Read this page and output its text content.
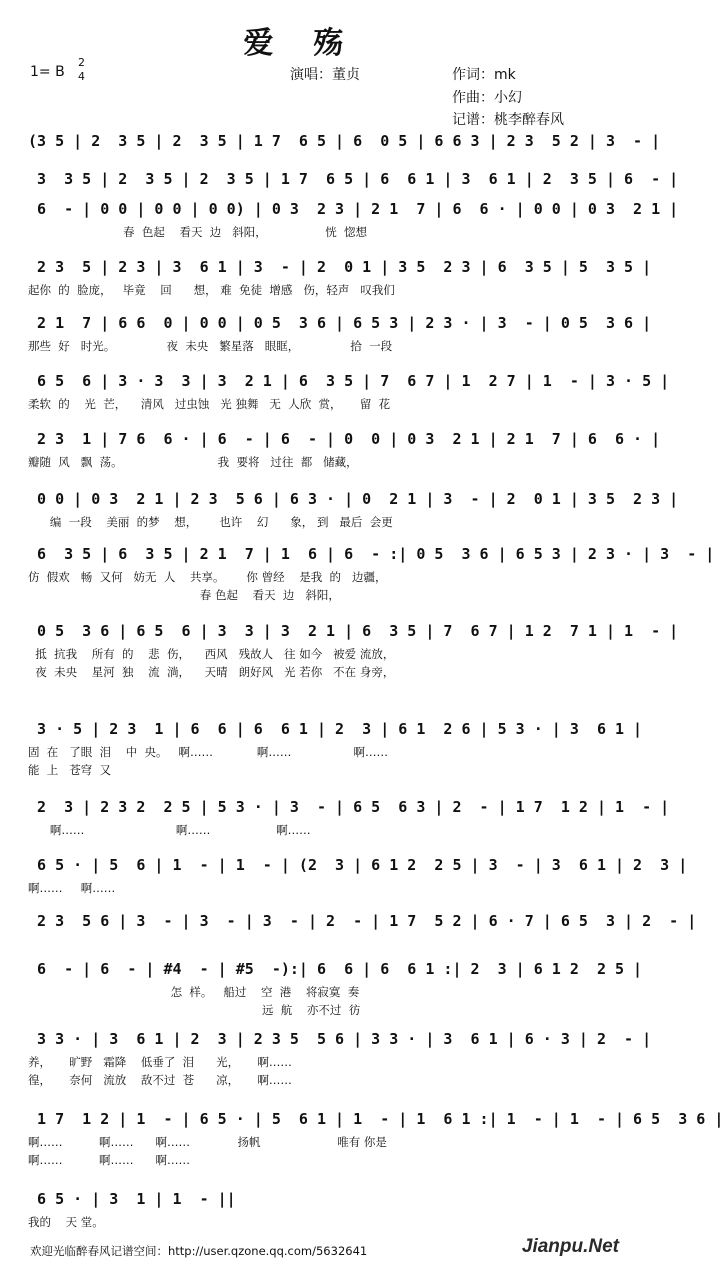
爱殇
1= B
2
4	演唱：董贞	作词：mk
作曲：小幻
记谱：桃李醉春风
(3 5 | 2  3 5 | 2  3 5 | 1 7  6 5 | 6  0 5 | 6 6 3 | 2 3  5 2 | 3  - |
3  3 5 | 2  3 5 | 2  3 5 | 1 7  6 5 | 6  6 1 | 3  6 1 | 2  3 5 | 6  - |
6  - | 0 0 | 0 0 | 0 0) | 0 3  2 3 | 2 1  7 | 6  6 · | 0 0 | 0 3  2 1 |
春  色起    看天  边   斜阳，                恍  惚想
2 3  5 | 2 3 | 3  6 1 | 3  - | 2  0 1 | 3 5  2 3 | 6  3 5 | 5  3 5 |
起你  的  脸庞，   毕竟    回      想， 难  免徒  增感   伤，轻声   叹我们
2 1  7 | 6 6  0 | 0 0 | 0 5  3 6 | 6 5 3 | 2 3 · | 3  - | 0 5  3 6 |
那些  好   时光。              夜  未央   繁星落   眼眶，              拾  一段
6 5  6 | 3 · 3  3 | 3  2 1 | 6  3 5 | 7  6 7 | 1  2 7 | 1  - | 3 · 5 |
柔软  的    光  芒，    清风   过虫蚀   光 独舞   无  人欣  赏，     留  花
2 3  1 | 7 6  6 · | 6  - | 6  - | 0  0 | 0 3  2 1 | 2 1  7 | 6  6 · |
瓣随  风   飘  荡。                          我  要将   过往  都   储藏，
0 0 | 0 3  2 1 | 2 3  5 6 | 6 3 · | 0  2 1 | 3  - | 2  0 1 | 3 5  2 3 |
编  一段    美丽  的梦    想，      也许    幻      象， 到   最后  会更
6  3 5 | 6  3 5 | 2 1  7 | 1  6 | 6  - :| 0 5  3 6 | 6 5 3 | 2 3 · | 3  - |
仿  假欢   畅  又何   妨无  人    共享。      你 曾经    是我  的   边疆，
春 色起    看天  边   斜阳，
0 5  3 6 | 6 5  6 | 3  3 | 3  2 1 | 6  3 5 | 7  6 7 | 1 2  7 1 | 1  - |
抵  抗我    所有  的    悲  伤，    西风   残故人   往 如今   被爱 流放，
夜  未央    星河  独    流  淌，    天晴   朗好风   光 若你   不在 身旁，
3 · 5 | 2 3  1 | 6  6 | 6  6 1 | 2  3 | 6 1  2 6 | 5 3 · | 3  6 1 |
固  在   了眼  泪    中  央。   啊……            啊……                 啊……
能  上   苍穹  又
2  3 | 2 3 2  2 5 | 5 3 · | 3  - | 6 5  6 3 | 2  - | 1 7  1 2 | 1  - |
啊……                         啊……                  啊……
6 5 · | 5  6 | 1  - | 1  - | (2  3 | 6 1 2  2 5 | 3  - | 3  6 1 | 2  3 |
啊……     啊……
2 3  5 6 | 3  - | 3  - | 3  - | 2  - | 1 7  5 2 | 6 · 7 | 6 5  3 | 2  - |
6  - | 6  - | #4  - | #5  -):| 6  6 | 6  6 1 :| 2  3 | 6 1 2  2 5 |
怎  样。   船过    空  港    将寂寞  奏
远  航    亦不过  彷
3 3 · | 3  6 1 | 2  3 | 2 3 5  5 6 | 3 3 · | 3  6 1 | 6 · 3 | 2  - |
养，     旷野   霜降    低垂了  泪      光，     啊……
徨，     奈何   流放    敌不过  苍      凉，     啊……
1 7  1 2 | 1  - | 6 5 · | 5  6 1 | 1  - | 1  6 1 :| 1  - | 1  - | 6 5  3 6 |
啊……          啊……      啊……             扬帆                     唯有 你是
啊……          啊……      啊……
6 5 · | 3  1 | 1  - ||
我的    天 堂。
欢迎光临醉春风记谱空间：http://user.qzone.qq.com/5632641	Jianpu.Net
